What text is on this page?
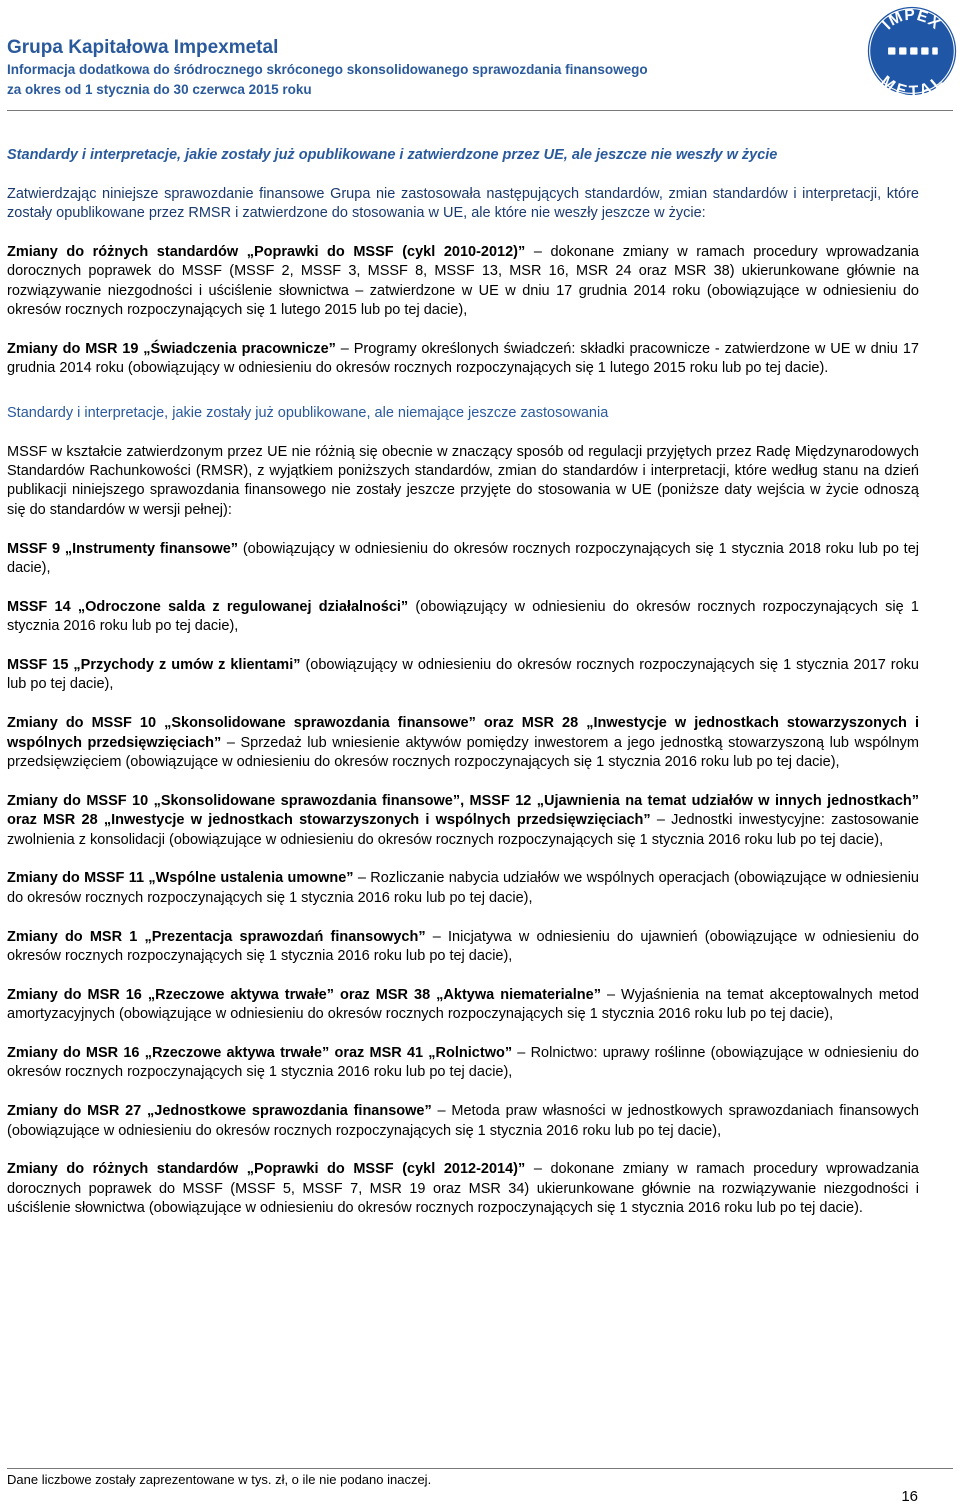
Grupa Kapitałowa Impexmetal
Informacja dodatkowa do śródrocznego skróconego skonsolidowanego sprawozdania finansowego
za okres od 1 stycznia do 30 czerwca 2015 roku
IMPEX
METAL

Standardy i interpretacje, jakie zostały już opublikowane i zatwierdzone przez UE, ale jeszcze nie weszły w życie

Zatwierdzając niniejsze sprawozdanie finansowe Grupa nie zastosowała następujących standardów, zmian standardów i interpretacji, które zostały opublikowane przez RMSR i zatwierdzone do stosowania w UE, ale które nie weszły jeszcze w życie:

Zmiany do różnych standardów „Poprawki do MSSF (cykl 2010-2012)” – dokonane zmiany w ramach procedury wprowadzania dorocznych poprawek do MSSF (MSSF 2, MSSF 3, MSSF 8, MSSF 13, MSR 16, MSR 24 oraz MSR 38) ukierunkowane głównie na rozwiązywanie niezgodności i uściślenie słownictwa – zatwierdzone w UE w dniu 17 grudnia 2014 roku (obowiązujące w odniesieniu do okresów rocznych rozpoczynających się 1 lutego 2015 lub po tej dacie),

Zmiany do MSR 19 „Świadczenia pracownicze” – Programy określonych świadczeń: składki pracownicze - zatwierdzone w UE w dniu 17 grudnia 2014 roku (obowiązujący w odniesieniu do okresów rocznych rozpoczynających się 1 lutego 2015 roku lub po tej dacie).

Standardy i interpretacje, jakie zostały już opublikowane, ale niemające jeszcze zastosowania

MSSF w kształcie zatwierdzonym przez UE nie różnią się obecnie w znaczący sposób od regulacji przyjętych przez Radę Międzynarodowych Standardów Rachunkowości (RMSR), z wyjątkiem poniższych standardów, zmian do standardów i interpretacji, które według stanu na dzień publikacji niniejszego sprawozdania finansowego nie zostały jeszcze przyjęte do stosowania w UE (poniższe daty wejścia w życie odnoszą się do standardów w wersji pełnej):

MSSF 9 „Instrumenty finansowe” (obowiązujący w odniesieniu do okresów rocznych rozpoczynających się 1 stycznia 2018 roku lub po tej dacie),

MSSF 14 „Odroczone salda z regulowanej działalności” (obowiązujący w odniesieniu do okresów rocznych rozpoczynających się 1 stycznia 2016 roku lub po tej dacie),

MSSF 15 „Przychody z umów z klientami” (obowiązujący w odniesieniu do okresów rocznych rozpoczynających się 1 stycznia 2017 roku lub po tej dacie),

Zmiany do MSSF 10 „Skonsolidowane sprawozdania finansowe” oraz MSR 28 „Inwestycje w jednostkach stowarzyszonych i wspólnych przedsięwzięciach” – Sprzedaż lub wniesienie aktywów pomiędzy inwestorem a jego jednostką stowarzyszoną lub wspólnym przedsięwzięciem (obowiązujące w odniesieniu do okresów rocznych rozpoczynających się 1 stycznia 2016 roku lub po tej dacie),

Zmiany do MSSF 10 „Skonsolidowane sprawozdania finansowe”, MSSF 12 „Ujawnienia na temat udziałów w innych jednostkach” oraz MSR 28 „Inwestycje w jednostkach stowarzyszonych i wspólnych przedsięwzięciach” – Jednostki inwestycyjne: zastosowanie zwolnienia z konsolidacji (obowiązujące w odniesieniu do okresów rocznych rozpoczynających się 1 stycznia 2016 roku lub po tej dacie),

Zmiany do MSSF 11 „Wspólne ustalenia umowne” – Rozliczanie nabycia udziałów we wspólnych operacjach (obowiązujące w odniesieniu do okresów rocznych rozpoczynających się 1 stycznia 2016 roku lub po tej dacie),

Zmiany do MSR 1 „Prezentacja sprawozdań finansowych” – Inicjatywa w odniesieniu do ujawnień (obowiązujące w odniesieniu do okresów rocznych rozpoczynających się 1 stycznia 2016 roku lub po tej dacie),

Zmiany do MSR 16 „Rzeczowe aktywa trwałe” oraz MSR 38 „Aktywa niematerialne” – Wyjaśnienia na temat akceptowalnych metod amortyzacyjnych (obowiązujące w odniesieniu do okresów rocznych rozpoczynających się 1 stycznia 2016 roku lub po tej dacie),

Zmiany do MSR 16 „Rzeczowe aktywa trwałe” oraz MSR 41 „Rolnictwo” – Rolnictwo: uprawy roślinne (obowiązujące w odniesieniu do okresów rocznych rozpoczynających się 1 stycznia 2016 roku lub po tej dacie),

Zmiany do MSR 27 „Jednostkowe sprawozdania finansowe” – Metoda praw własności w jednostkowych sprawozdaniach finansowych (obowiązujące w odniesieniu do okresów rocznych rozpoczynających się 1 stycznia 2016 roku lub po tej dacie),

Zmiany do różnych standardów „Poprawki do MSSF (cykl 2012-2014)” – dokonane zmiany w ramach procedury wprowadzania dorocznych poprawek do MSSF (MSSF 5, MSSF 7, MSR 19 oraz MSR 34) ukierunkowane głównie na rozwiązywanie niezgodności i uściślenie słownictwa (obowiązujące w odniesieniu do okresów rocznych rozpoczynających się 1 stycznia 2016 roku lub po tej dacie).

Dane liczbowe zostały zaprezentowane w tys. zł, o ile nie podano inaczej.
16
